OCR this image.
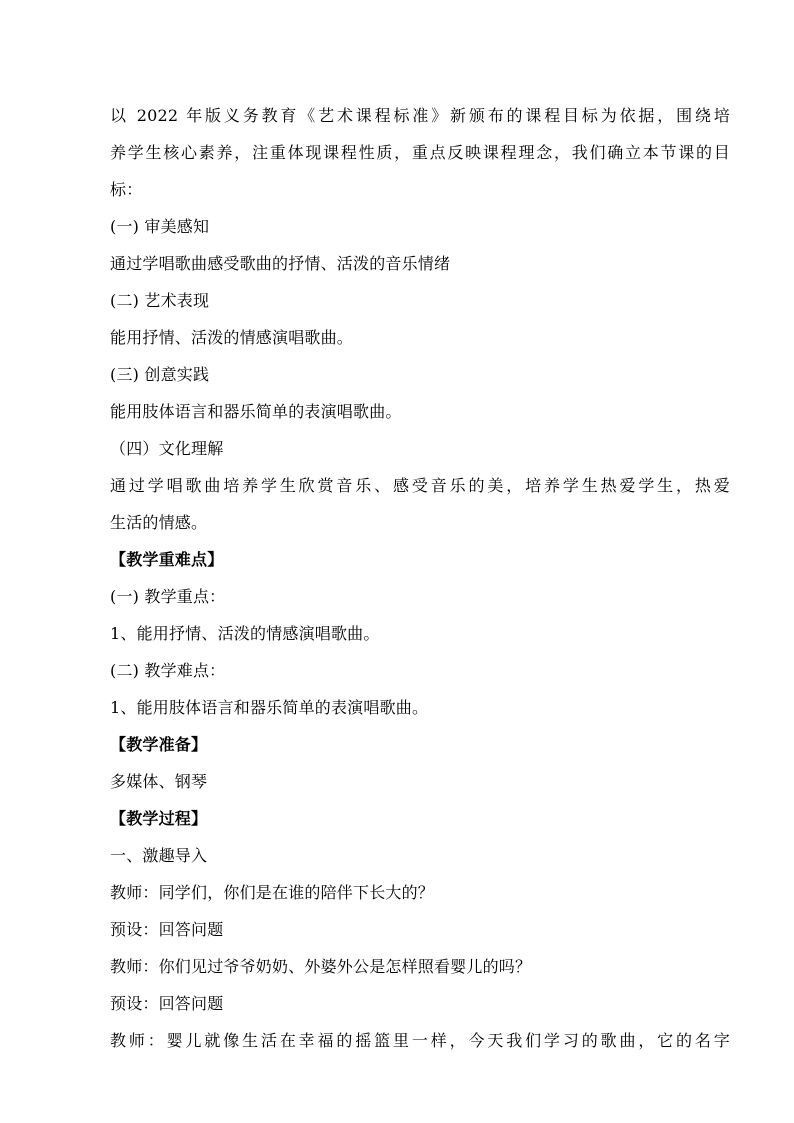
以 2022 年版义务教育《艺术课程标准》新颁布的课程目标为依据，围绕培
养学生核心素养，注重体现课程性质，重点反映课程理念，我们确立本节课的目
标：
(一) 审美感知
通过学唱歌曲感受歌曲的抒情、活泼的音乐情绪
(二) 艺术表现
能用抒情、活泼的情感演唱歌曲。
(三) 创意实践
能用肢体语言和器乐简单的表演唱歌曲。
（四）文化理解
通过学唱歌曲培养学生欣赏音乐、感受音乐的美，培养学生热爱学生，热爱
生活的情感。
【教学重难点】
(一) 教学重点：
1、能用抒情、活泼的情感演唱歌曲。
(二) 教学难点：
1、能用肢体语言和器乐简单的表演唱歌曲。
【教学准备】
多媒体、钢琴
【教学过程】
一、激趣导入
教师：同学们，你们是在谁的陪伴下长大的？
预设：回答问题
教师：你们见过爷爷奶奶、外婆外公是怎样照看婴儿的吗？
预设：回答问题
教师：婴儿就像生活在幸福的摇篮里一样，今天我们学习的歌曲，它的名字
